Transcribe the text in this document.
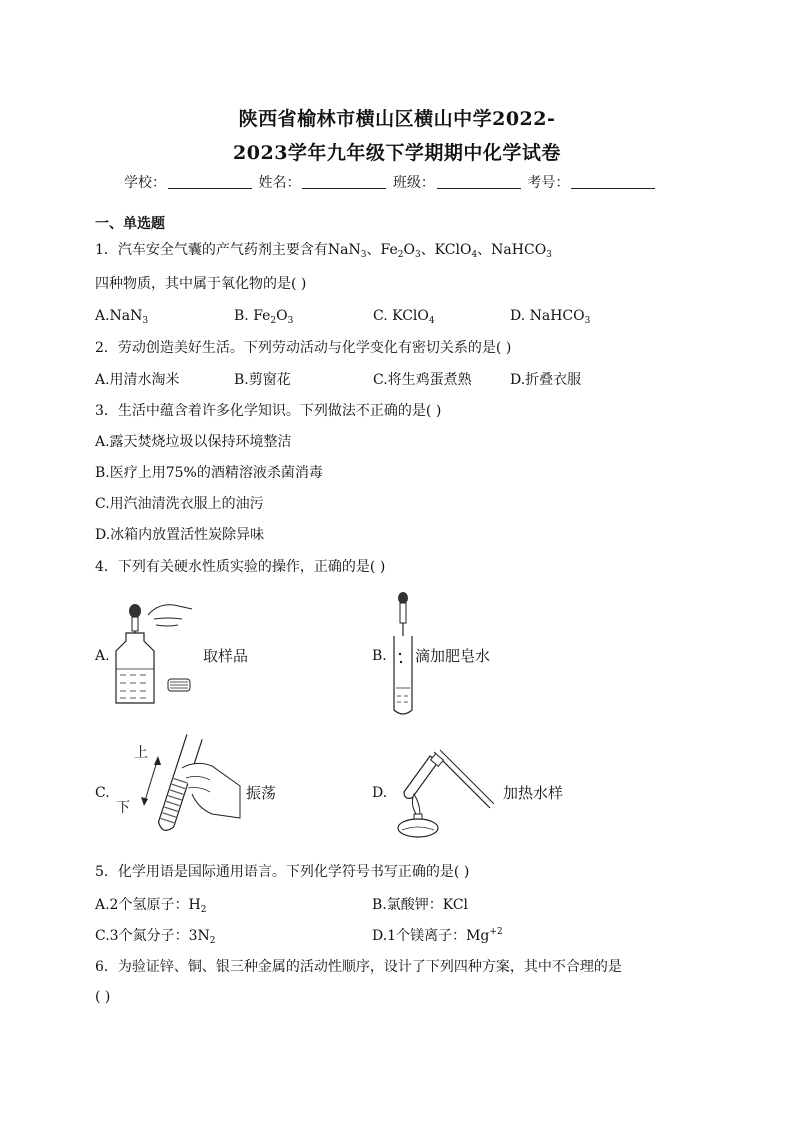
陕西省榆林市横山区横山中学2022-
2023学年九年级下学期期中化学试卷
学校：	姓名：	班级：	考号：
一、单选题
1．汽车安全气囊的产气药剂主要含有NaN$_3$、$Fe_2O_3$、KClO$_4$、NaHCO$_3$
四种物质，其中属于氧化物的是( )
A.NaN$_3$	B. $Fe_2O_3$	C. KClO$_4$	D. NaHCO$_3$
2．劳动创造美好生活。下列劳动活动与化学变化有密切关系的是( )
A.用清水淘米	B.剪窗花	C.将生鸡蛋煮熟	D.折叠衣服
3．生活中蕴含着许多化学知识。下列做法不正确的是( )
A.露天焚烧垃圾以保持环境整洁
B.医疗上用75%的酒精溶液杀菌消毒
C.用汽油清洗衣服上的油污
D.冰箱内放置活性炭除异味
4．下列有关硬水性质实验的操作，正确的是( )
A.	取样品	B. 滴加肥皂水
C.
上
下
振荡	D.	加热水样
5．化学用语是国际通用语言。下列化学符号书写正确的是( )
A.2个氢原子：$H_2$	B.氯酸钾：KCl
C.3个氮分子：$3N_2$	D.1个镁离子：$Mg^{+2}$
6．为验证锌、铜、银三种金属的活动性顺序，设计了下列四种方案，其中不合理的是
( )
